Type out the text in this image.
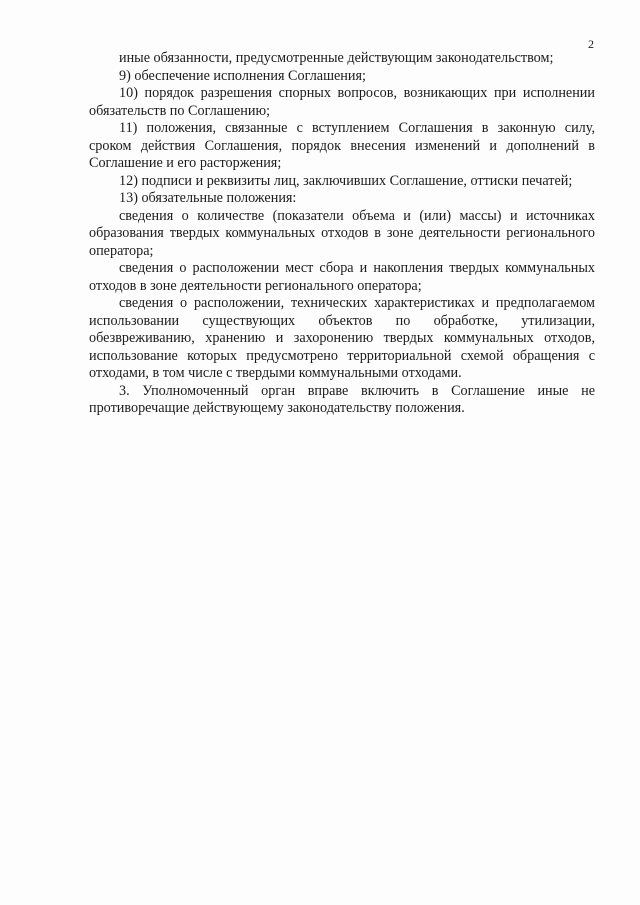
2

иные обязанности, предусмотренные действующим законодательством;

9) обеспечение исполнения Соглашения;

10) порядок разрешения спорных вопросов, возникающих при исполнении обязательств по Соглашению;

11) положения, связанные с вступлением Соглашения в законную силу, сроком действия Соглашения, порядок внесения изменений и дополнений в Соглашение и его расторжения;

12) подписи и реквизиты лиц, заключивших Соглашение, оттиски печатей;

13) обязательные положения:

сведения о количестве (показатели объема и (или) массы) и источниках образования твердых коммунальных отходов в зоне деятельности регионального оператора;

сведения о расположении мест сбора и накопления твердых коммунальных отходов в зоне деятельности регионального оператора;

сведения о расположении, технических характеристиках и предполагаемом использовании существующих объектов по обработке, утилизации, обезвреживанию, хранению и захоронению твердых коммунальных отходов, использование которых предусмотрено территориальной схемой обращения с отходами, в том числе с твердыми коммунальными отходами.

3. Уполномоченный орган вправе включить в Соглашение иные не противоречащие действующему законодательству положения.
